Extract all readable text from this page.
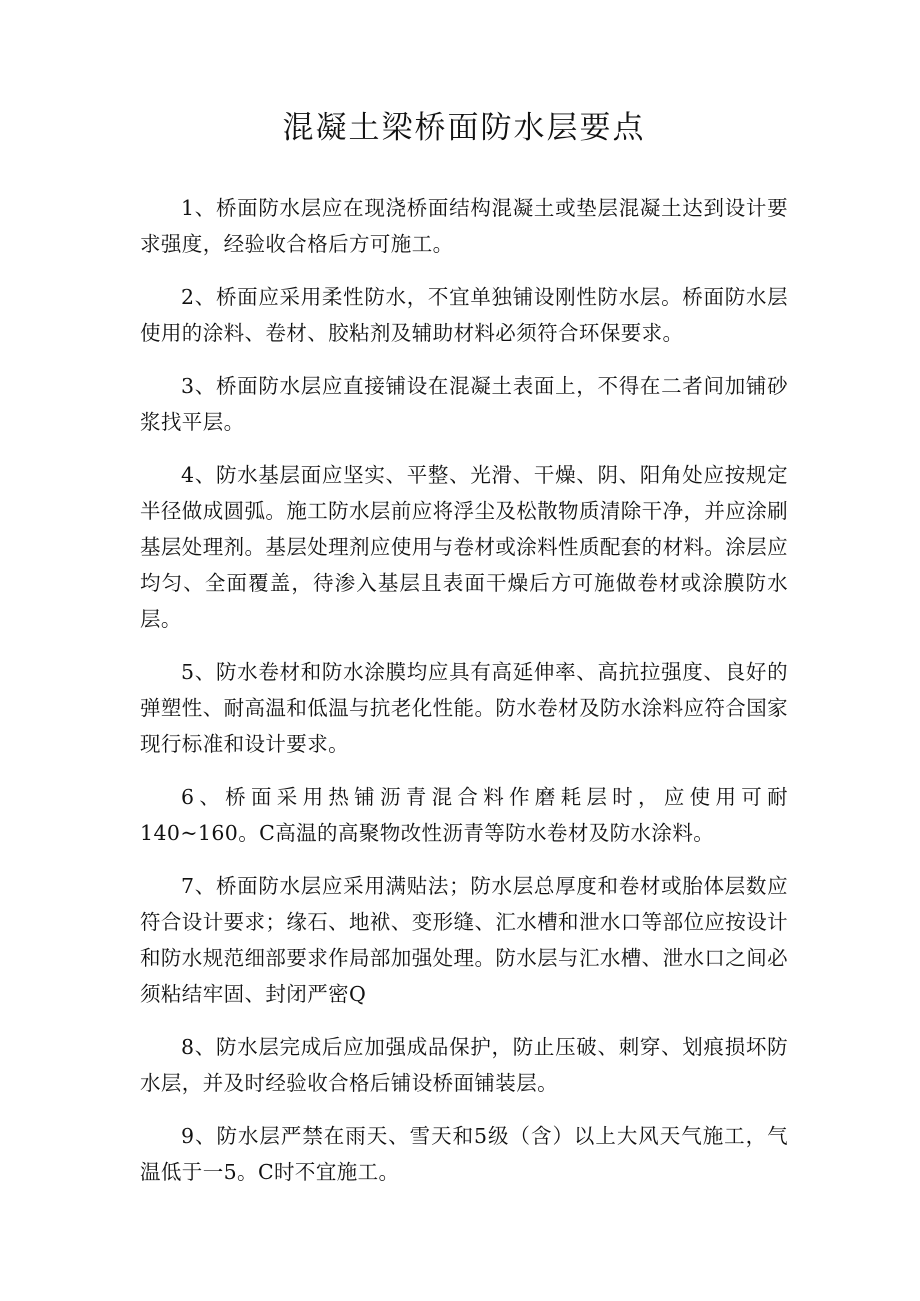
混凝土梁桥面防水层要点

1、桥面防水层应在现浇桥面结构混凝土或垫层混凝土达到设计要求强度，经验收合格后方可施工。

2、桥面应采用柔性防水，不宜单独铺设刚性防水层。桥面防水层使用的涂料、卷材、胶粘剂及辅助材料必须符合环保要求。

3、桥面防水层应直接铺设在混凝土表面上，不得在二者间加铺砂浆找平层。

4、防水基层面应坚实、平整、光滑、干燥、阴、阳角处应按规定半径做成圆弧。施工防水层前应将浮尘及松散物质清除干净，并应涂刷基层处理剂。基层处理剂应使用与卷材或涂料性质配套的材料。涂层应均匀、全面覆盖，待渗入基层且表面干燥后方可施做卷材或涂膜防水层。

5、防水卷材和防水涂膜均应具有高延伸率、高抗拉强度、良好的弹塑性、耐高温和低温与抗老化性能。防水卷材及防水涂料应符合国家现行标准和设计要求。

6、桥面采用热铺沥青混合料作磨耗层时，应使用可耐140~160。C高温的高聚物改性沥青等防水卷材及防水涂料。

7、桥面防水层应采用满贴法；防水层总厚度和卷材或胎体层数应符合设计要求；缘石、地袱、变形缝、汇水槽和泄水口等部位应按设计和防水规范细部要求作局部加强处理。防水层与汇水槽、泄水口之间必须粘结牢固、封闭严密Q

8、防水层完成后应加强成品保护，防止压破、刺穿、划痕损坏防水层，并及时经验收合格后铺设桥面铺装层。

9、防水层严禁在雨天、雪天和5级（含）以上大风天气施工，气温低于一5。C时不宜施工。
